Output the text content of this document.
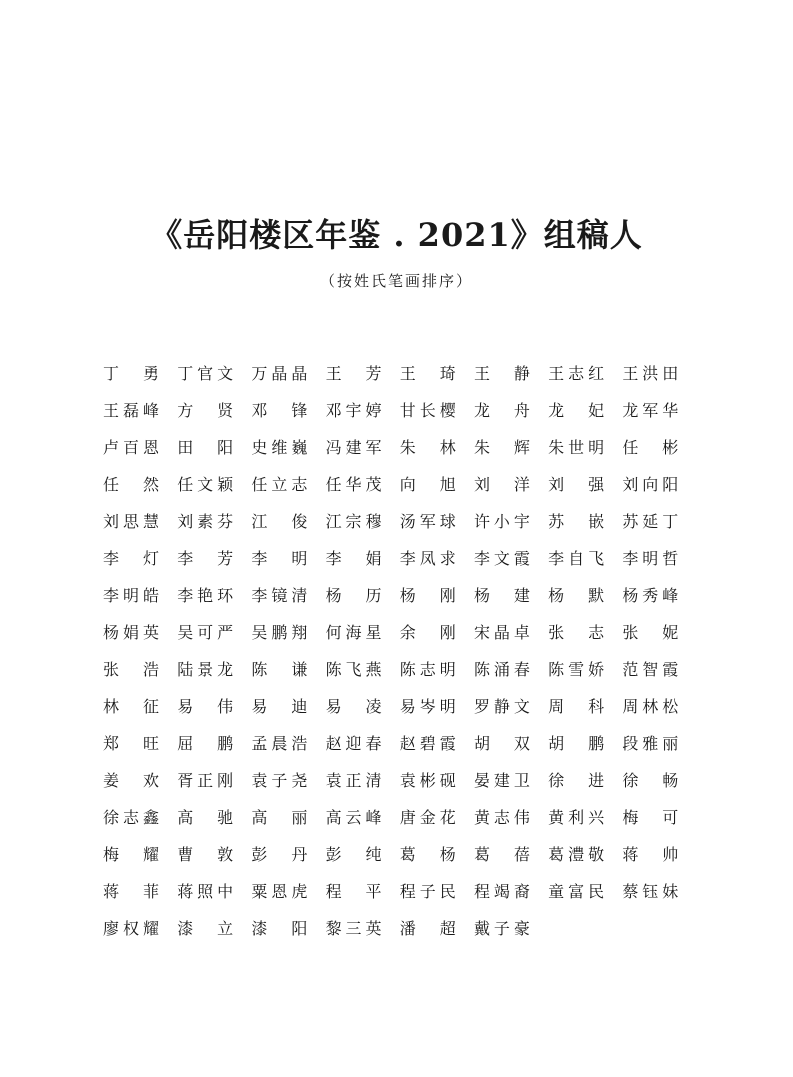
《岳阳楼区年鉴 . 2021》组稿人
（按姓氏笔画排序）
丁 勇 丁 官 文 万 晶 晶 王 芳 王 琦 王 静 王 志 红 王 洪 田
王 磊 峰 方 贤 邓 锋 邓 宇 婷 甘 长 樱 龙 舟 龙 妃 龙 军 华
卢 百 恩 田 阳 史 维 巍 冯 建 军 朱 林 朱 辉 朱 世 明 任 彬
任 然 任 文 颖 任 立 志 任 华 茂 向 旭 刘 洋 刘 强 刘 向 阳
刘 思 慧 刘 素 芬 江 俊 江 宗 穆 汤 军 球 许 小 宇 苏 嵌 苏 延 丁
李 灯 李 芳 李 明 李 娟 李 凤 求 李 文 霞 李 自 飞 李 明 哲
李 明 皓 李 艳 环 李 镜 清 杨 历 杨 刚 杨 建 杨 默 杨 秀 峰
杨 娟 英 吴 可 严 吴 鹏 翔 何 海 星 余 刚 宋 晶 卓 张 志 张 妮
张 浩 陆 景 龙 陈 谦 陈 飞 燕 陈 志 明 陈 涌 春 陈 雪 娇 范 智 霞
林 征 易 伟 易 迪 易 凌 易 岑 明 罗 静 文 周 科 周 林 松
郑 旺 屈 鹏 孟 晨 浩 赵 迎 春 赵 碧 霞 胡 双 胡 鹏 段 雅 丽
姜 欢 胥 正 刚 袁 子 尧 袁 正 清 袁 彬 砚 晏 建 卫 徐 进 徐 畅
徐 志 鑫 高 驰 高 丽 高 云 峰 唐 金 花 黄 志 伟 黄 利 兴 梅 可
梅 耀 曹 敦 彭 丹 彭 纯 葛 杨 葛 蓓 葛 澧 敬 蒋 帅
蒋 菲 蒋 照 中 粟 恩 虎 程 平 程 子 民 程 竭 裔 童 富 民 蔡 钰 妹
廖 权 耀 漆 立 漆 阳 黎 三 英 潘 超 戴 子 豪
